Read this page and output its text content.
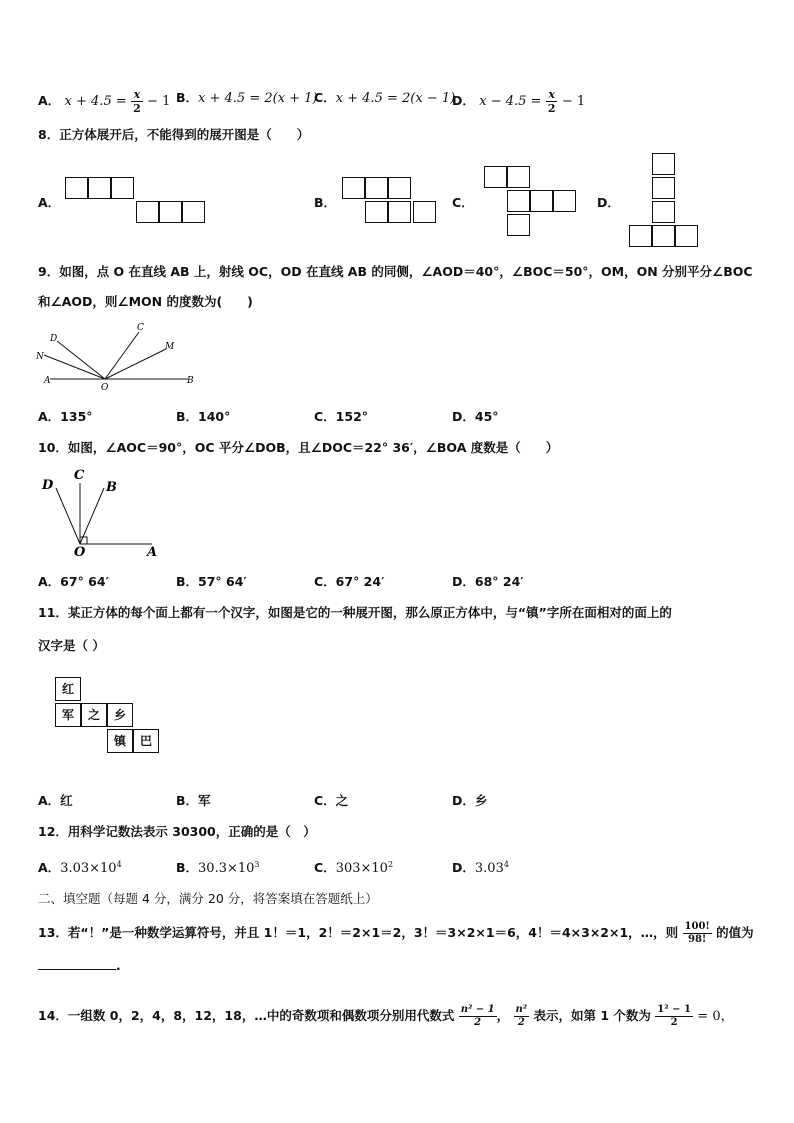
A． $x + 4.5 = \frac{x}{2} - 1$ B．x + 4.5 = 2(x + 1)
C．x + 4.5 = 2(x − 1)
D． $x - 4.5 = \frac{x}{2} - 1$
8．正方体展开后，不能得到的展开图是（　　）
A．	B．	C．	D．
9．如图，点 O 在直线 AB 上，射线 OC，OD 在直线 AB 的同侧，∠AOD＝40°，∠BOC＝50°，OM，ON 分别平分∠BOC
和∠AOD，则∠MON 的度数为(　　)
D
N
C
M
A
O
B
A．135°	B．140°	C．152°	D．45°
10．如图，∠AOC＝90°，OC 平分∠DOB，且∠DOC＝22° 36′，∠BOA 度数是（　　）
D
C
B
O	A
A．67° 64′	B．57° 64′	C．67° 24′	D．68° 24′
11．某正方体的每个面上都有一个汉字，如图是它的一种展开图，那么原正方体中，与“镇”字所在面相对的面上的
汉字是（ ）
红
军	之	乡
镇	巴
A．红	B．军	C．之	D．乡
12．用科学记数法表示 30300，正确的是（　）
A．$3.03\times 10^4$	B．$30.3\times 10^3$	C．$303\times 10^2$	D．3.03$^4$
二、填空题（每题 4 分，满分 20 分，将答案填在答题纸上）
13．若“！”是一种数学运算符号，并且 1！＝1，2！＝2×1＝2，3！＝3×2×1＝6，4！＝4×3×2×1，…，则 $\frac{100!}{98!}$ 的值为
.
14．一组数 0，2，4，8，12，18，…中的奇数项和偶数项分别用代数式 $\frac{\text{n² − 1}}{2}$ ， $\frac{\text{n²}}{2}$ 表示，如第 1 个数为 $\frac{\text{1² − 1}}{2} = 0$，
